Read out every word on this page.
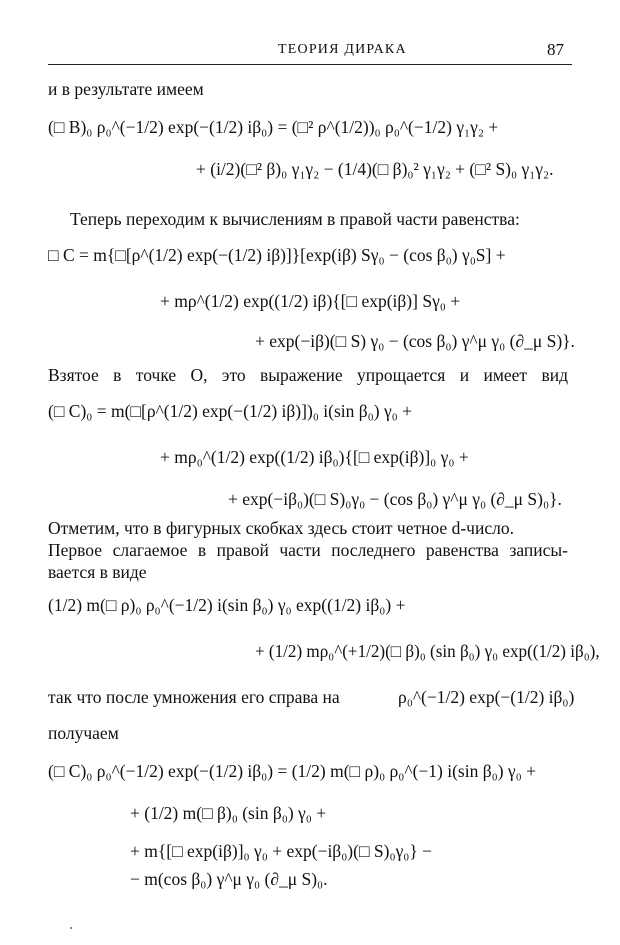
ТЕОРИЯ ДИРАКА	87
и в результате имеем
(□ B)₀ ρ₀^(−1/2) exp(−(1/2) iβ₀) = (□² ρ^(1/2))₀ ρ₀^(−1/2) γ₁γ₂ +
+ (i/2)(□² β)₀ γ₁γ₂ − (1/4)(□ β)₀² γ₁γ₂ + (□² S)₀ γ₁γ₂.
Теперь переходим к вычислениям в правой части равенства:
□ C = m{□[ρ^(1/2) exp(−(1/2) iβ)]}[exp(iβ) Sγ₀ − (cos β₀) γ₀S] +
+ mρ^(1/2) exp((1/2) iβ){[□ exp(iβ)] Sγ₀ +
+ exp(−iβ)(□ S) γ₀ − (cos β₀) γ^μ γ₀ (∂_μ S)}.
Взятое в точке O, это выражение упрощается и имеет вид
(□ C)₀ = m(□[ρ^(1/2) exp(−(1/2) iβ)])₀ i(sin β₀) γ₀ +
+ mρ₀^(1/2) exp((1/2) iβ₀){[□ exp(iβ)]₀ γ₀ +
+ exp(−iβ₀)(□ S)₀γ₀ − (cos β₀) γ^μ γ₀ (∂_μ S)₀}.
Отметим, что в фигурных скобках здесь стоит четное d-число.
Первое слагаемое в правой части последнего равенства записы-
вается в виде
(1/2) m(□ ρ)₀ ρ₀^(−1/2) i(sin β₀) γ₀ exp((1/2) iβ₀) +
+ (1/2) mρ₀^(+1/2)(□ β)₀ (sin β₀) γ₀ exp((1/2) iβ₀),
так что после умножения его справа на	ρ₀^(−1/2) exp(−(1/2) iβ₀)
получаем
(□ C)₀ ρ₀^(−1/2) exp(−(1/2) iβ₀) = (1/2) m(□ ρ)₀ ρ₀^(−1) i(sin β₀) γ₀ +
+ (1/2) m(□ β)₀ (sin β₀) γ₀ +
+ m{[□ exp(iβ)]₀ γ₀ + exp(−iβ₀)(□ S)₀γ₀} −
− m(cos β₀) γ^μ γ₀ (∂_μ S)₀.
